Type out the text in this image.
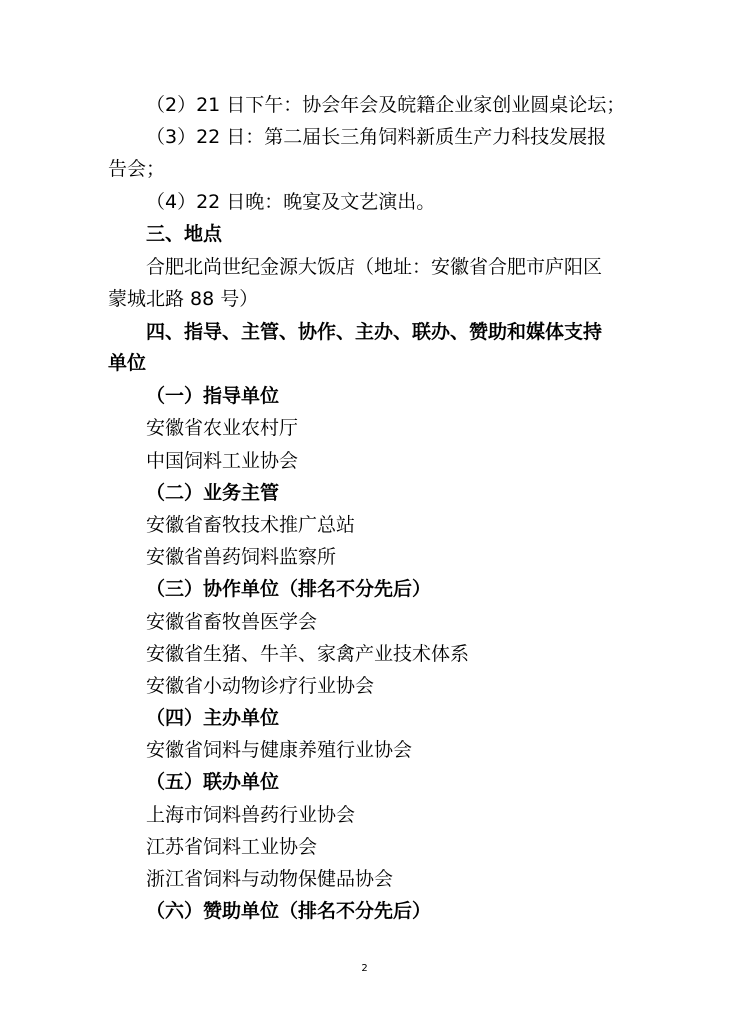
（2）21 日下午：协会年会及皖籍企业家创业圆桌论坛；
（3）22 日：第二届长三角饲料新质生产力科技发展报
告会；
（4）22 日晚：晚宴及文艺演出。
三、地点
合肥北尚世纪金源大饭店（地址：安徽省合肥市庐阳区
蒙城北路 88 号）
四、指导、主管、协作、主办、联办、赞助和媒体支持
单位
（一）指导单位
安徽省农业农村厅
中国饲料工业协会
（二）业务主管
安徽省畜牧技术推广总站
安徽省兽药饲料监察所
（三）协作单位（排名不分先后）
安徽省畜牧兽医学会
安徽省生猪、牛羊、家禽产业技术体系
安徽省小动物诊疗行业协会
（四）主办单位
安徽省饲料与健康养殖行业协会
（五）联办单位
上海市饲料兽药行业协会
江苏省饲料工业协会
浙江省饲料与动物保健品协会
（六）赞助单位（排名不分先后）
2
